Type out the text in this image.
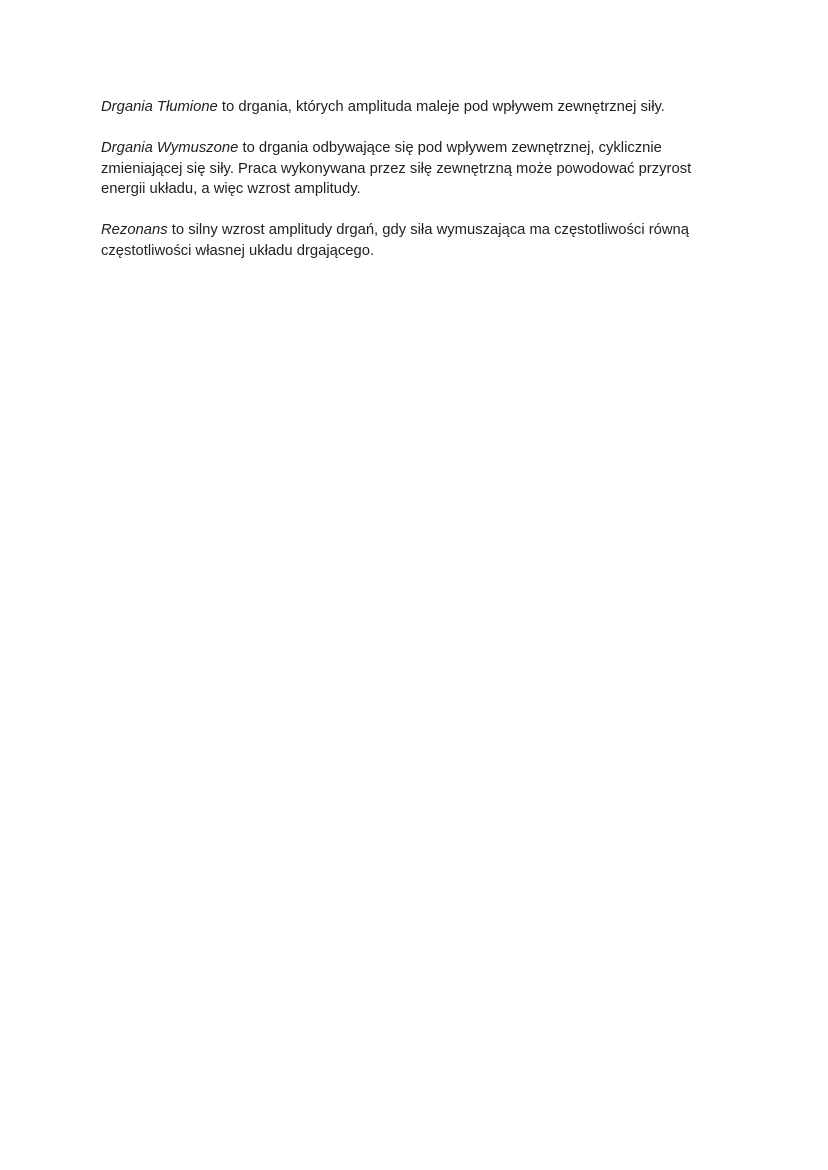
Drgania Tłumione to drgania, których amplituda maleje pod wpływem zewnętrznej siły.

Drgania Wymuszone to drgania odbywające się pod wpływem zewnętrznej, cyklicznie zmieniającej się siły. Praca wykonywana przez siłę zewnętrzną może powodować przyrost energii układu, a więc wzrost amplitudy.

Rezonans to silny wzrost amplitudy drgań, gdy siła wymuszająca ma częstotliwości równą częstotliwości własnej układu drgającego.
